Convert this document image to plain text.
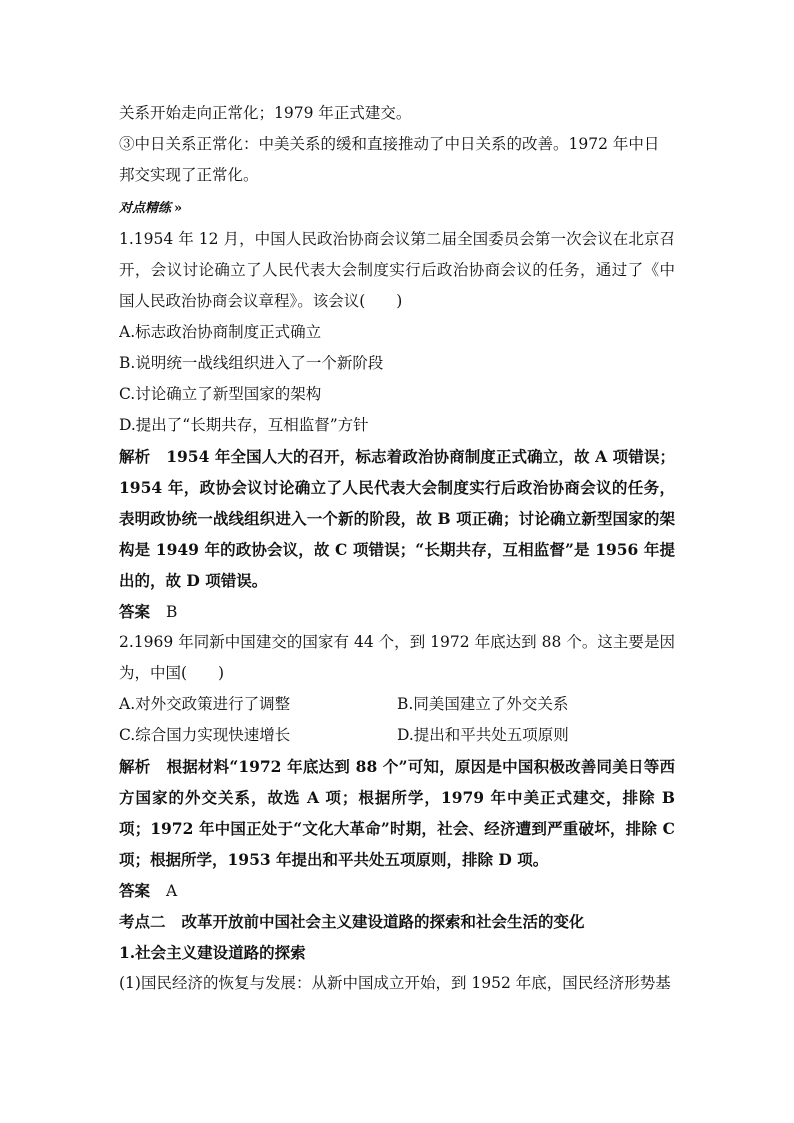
关系开始走向正常化；1979 年正式建交。
③中日关系正常化：中美关系的缓和直接推动了中日关系的改善。1972 年中日
邦交实现了正常化。
对点精练 »
1.1954 年 12 月，中国人民政治协商会议第二届全国委员会第一次会议在北京召开，会议讨论确立了人民代表大会制度实行后政治协商会议的任务，通过了《中国人民政治协商会议章程》。该会议(　　)
A.标志政治协商制度正式确立
B.说明统一战线组织进入了一个新阶段
C.讨论确立了新型国家的架构
D.提出了“长期共存，互相监督”方针
解析 1954 年全国人大的召开，标志着政治协商制度正式确立，故 A 项错误；1954 年，政协会议讨论确立了人民代表大会制度实行后政治协商会议的任务，表明政协统一战线组织进入一个新的阶段，故 B 项正确；讨论确立新型国家的架构是 1949 年的政协会议，故 C 项错误；“长期共存，互相监督”是 1956 年提出的，故 D 项错误。
答案 B
2.1969 年同新中国建交的国家有 44 个，到 1972 年底达到 88 个。这主要是因为，中国(　　)
A.对外交政策进行了调整	B.同美国建立了外交关系
C.综合国力实现快速增长	D.提出和平共处五项原则
解析 根据材料“1972 年底达到 88 个”可知，原因是中国积极改善同美日等西方国家的外交关系，故选 A 项；根据所学，1979 年中美正式建交，排除 B 项；1972 年中国正处于“文化大革命”时期，社会、经济遭到严重破坏，排除 C 项；根据所学，1953 年提出和平共处五项原则，排除 D 项。
答案 A
考点二 改革开放前中国社会主义建设道路的探索和社会生活的变化
1.社会主义建设道路的探索
(1)国民经济的恢复与发展：从新中国成立开始，到 1952 年底，国民经济形势基
